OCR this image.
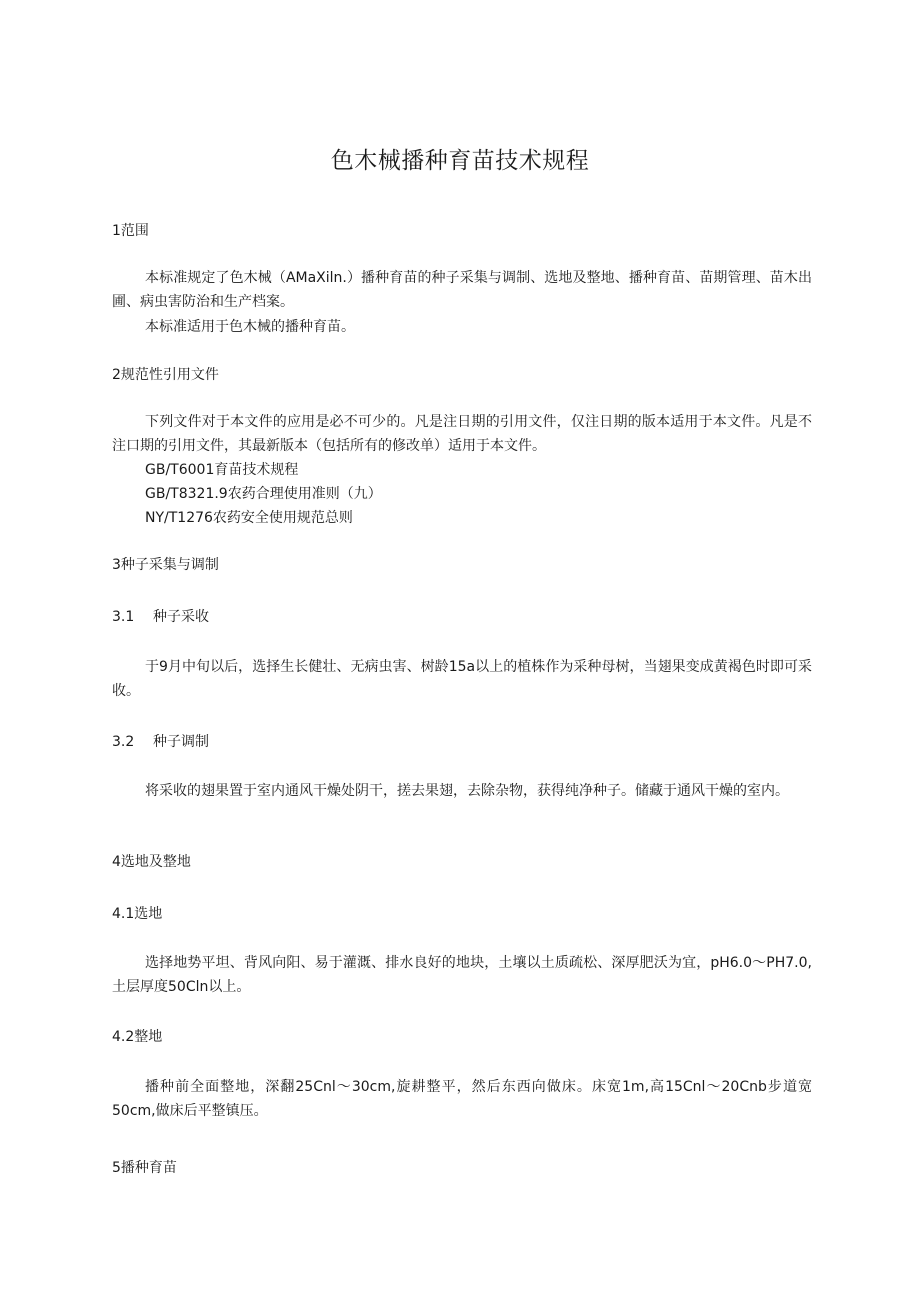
色木械播种育苗技术规程
1范围

本标准规定了色木械（AMaXiln.）播种育苗的种子采集与调制、选地及整地、播种育苗、苗期管理、苗木出圃、病虫害防治和生产档案。

本标准适用于色木械的播种育苗。

2规范性引用文件

下列文件对于本文件的应用是必不可少的。凡是注日期的引用文件，仅注日期的版本适用于本文件。凡是不注口期的引用文件，其最新版本（包括所有的修改单）适用于本文件。

GB/T6001育苗技术规程
GB/T8321.9农药合理使用准则（九）
NY/T1276农药安全使用规范总则
3种子采集与调制
3.1 种子采收

于9月中旬以后，选择生长健壮、无病虫害、树龄15a以上的植株作为采种母树，当翅果变成黄褐色时即可采收。

3.2 种子调制

将采收的翅果置于室内通风干燥处阴干，搓去果翅，去除杂物，获得纯净种子。储藏于通风干燥的室内。

4选地及整地
4.1选地

选择地势平坦、背风向阳、易于灌溉、排水良好的地块，土壤以土质疏松、深厚肥沃为宜，pH6.0～PH7.0,土层厚度50Cln以上。

4.2整地

播种前全面整地，深翻25Cnl～30cm,旋耕整平，然后东西向做床。床宽1m,高15Cnl～20Cnb步道宽50cm,做床后平整镇压。

5播种育苗
